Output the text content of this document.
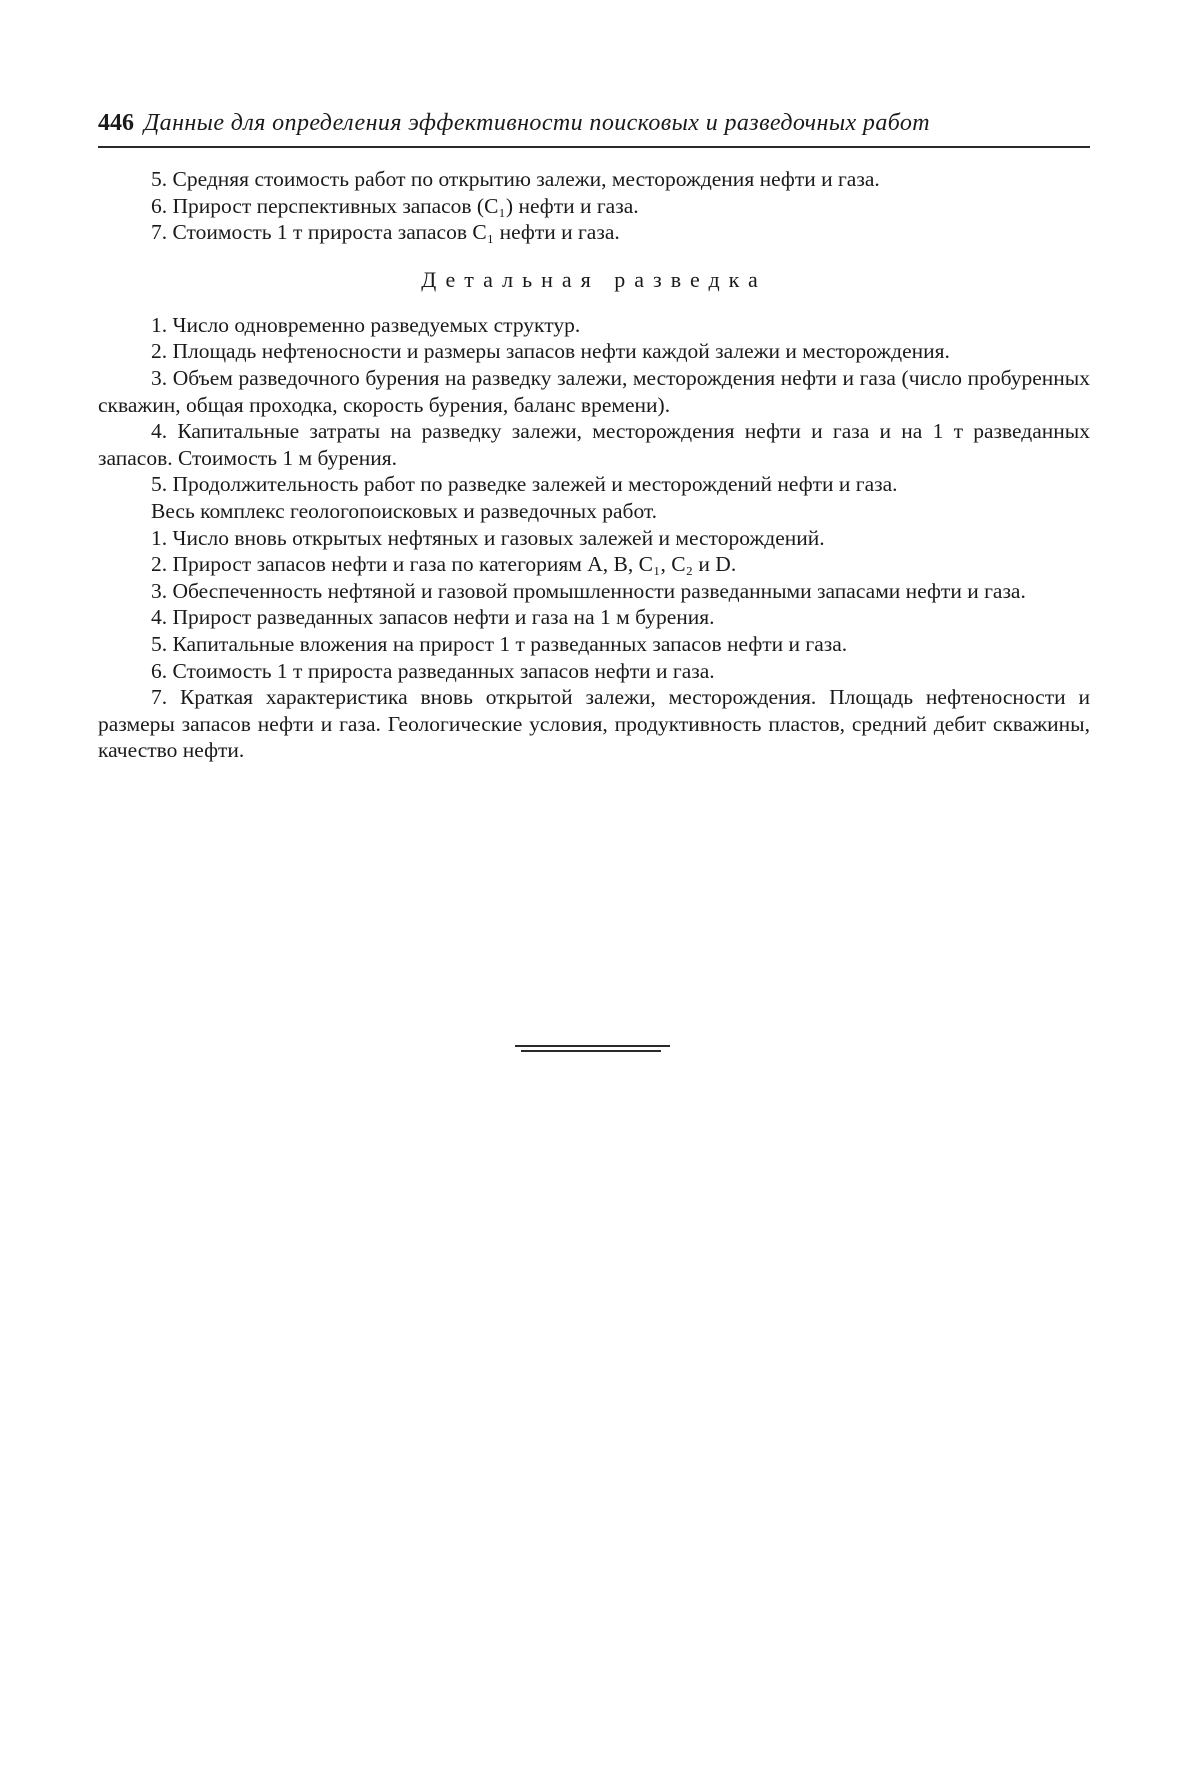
446 Данные для определения эффективности поисковых и разведочных работ

5. Средняя стоимость работ по открытию залежи, месторождения нефти и газа.

6. Прирост перспективных запасов (C₁) нефти и газа.

7. Стоимость 1 т прироста запасов C₁ нефти и газа.

Детальная разведка

1. Число одновременно разведуемых структур.

2. Площадь нефтеносности и размеры запасов нефти каждой залежи и месторождения.

3. Объем разведочного бурения на разведку залежи, месторождения нефти и газа (число пробуренных скважин, общая проходка, скорость бурения, баланс времени).

4. Капитальные затраты на разведку залежи, месторождения нефти и газа и на 1 т разведанных запасов. Стоимость 1 м бурения.

5. Продолжительность работ по разведке залежей и месторождений нефти и газа.

Весь комплекс геологопоисковых и разведочных работ.

1. Число вновь открытых нефтяных и газовых залежей и месторождений.

2. Прирост запасов нефти и газа по категориям A, B, C₁, C₂ и D.

3. Обеспеченность нефтяной и газовой промышленности разведанными запасами нефти и газа.

4. Прирост разведанных запасов нефти и газа на 1 м бурения.

5. Капитальные вложения на прирост 1 т разведанных запасов нефти и газа.

6. Стоимость 1 т прироста разведанных запасов нефти и газа.

7. Краткая характеристика вновь открытой залежи, месторождения. Площадь нефтеносности и размеры запасов нефти и газа. Геологические условия, продуктивность пластов, средний дебит скважины, качество нефти.
